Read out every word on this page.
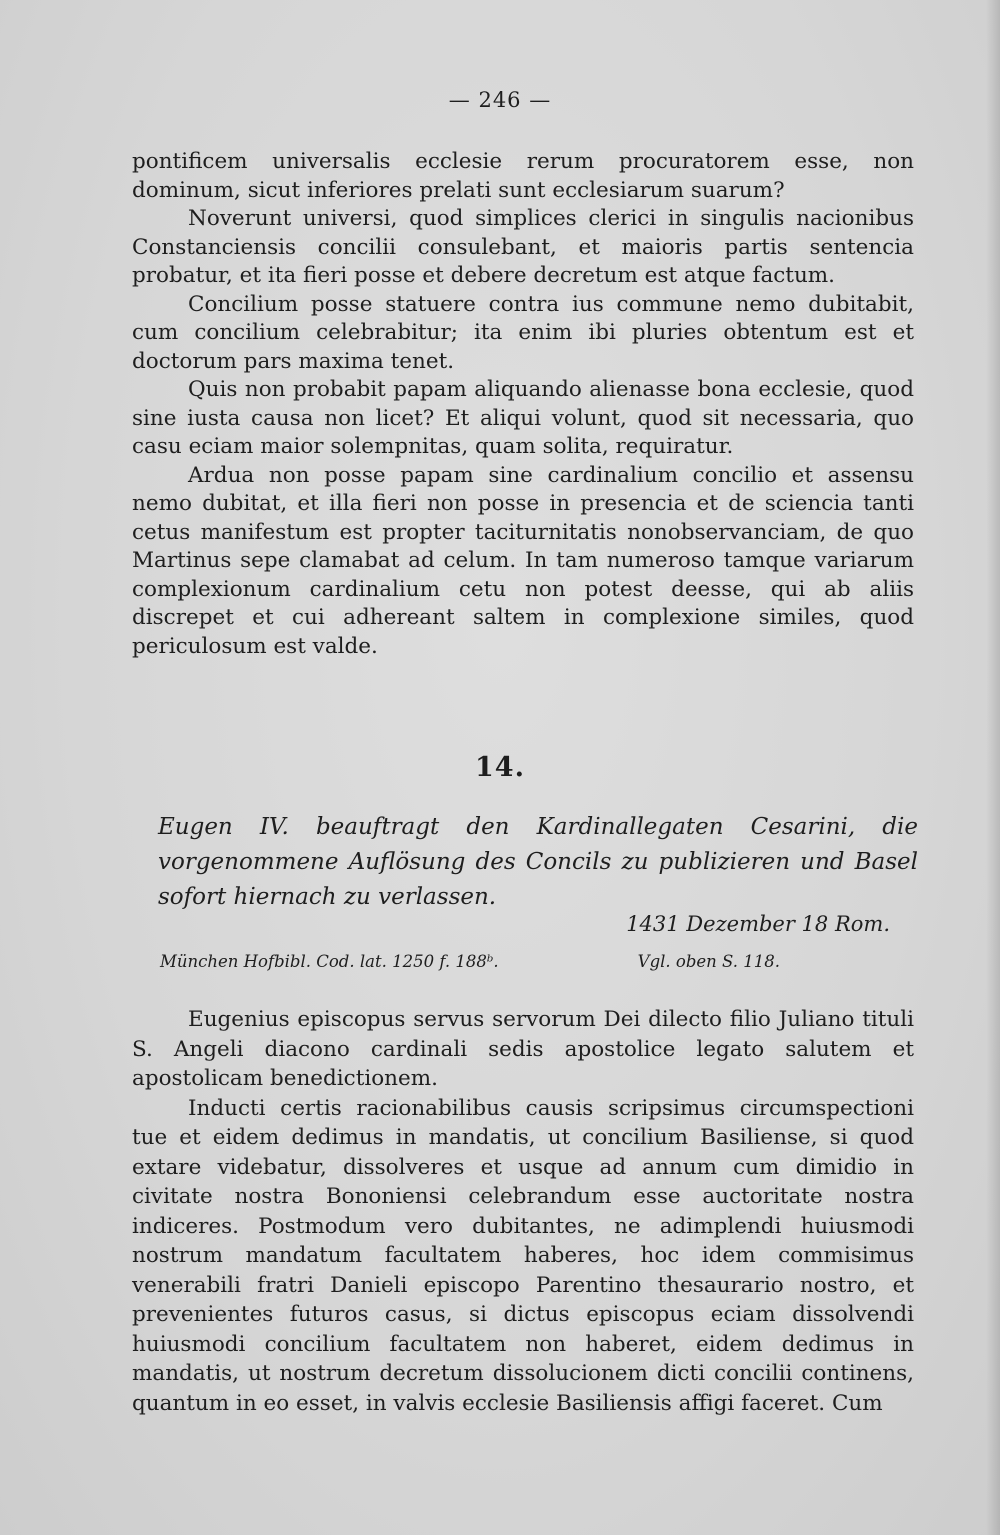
— 246 —

pontificem universalis ecclesie rerum procuratorem esse, non dominum, sicut inferiores prelati sunt ecclesiarum suarum?

Noverunt universi, quod simplices clerici in singulis nacionibus Constanciensis concilii consulebant, et maioris partis sentencia probatur, et ita fieri posse et debere decretum est atque factum.

Concilium posse statuere contra ius commune nemo dubitabit, cum concilium celebrabitur; ita enim ibi pluries obtentum est et doctorum pars maxima tenet.

Quis non probabit papam aliquando alienasse bona ecclesie, quod sine iusta causa non licet? Et aliqui volunt, quod sit necessaria, quo casu eciam maior solempnitas, quam solita, requiratur.

Ardua non posse papam sine cardinalium concilio et assensu nemo dubitat, et illa fieri non posse in presencia et de sciencia tanti cetus manifestum est propter taciturnitatis nonobservanciam, de quo Martinus sepe clamabat ad celum. In tam numeroso tamque variarum complexionum cardinalium cetu non potest deesse, qui ab aliis discrepet et cui adhereant saltem in complexione similes, quod periculosum est valde.

14.
Eugen IV. beauftragt den Kardinallegaten Cesarini, die vorgenommene Auflösung des Concils zu publizieren und Basel sofort hiernach zu verlassen.
1431 Dezember 18 Rom.
München Hofbibl. Cod. lat. 1250 f. 188ᵇ.	Vgl. oben S. 118.

Eugenius episcopus servus servorum Dei dilecto filio Juliano tituli S. Angeli diacono cardinali sedis apostolice legato salutem et apostolicam benedictionem.

Inducti certis racionabilibus causis scripsimus circumspectioni tue et eidem dedimus in mandatis, ut concilium Basiliense, si quod extare videbatur, dissolveres et usque ad annum cum dimidio in civitate nostra Bononiensi celebrandum esse auctoritate nostra indiceres. Postmodum vero dubitantes, ne adimplendi huiusmodi nostrum mandatum facultatem haberes, hoc idem commisimus venerabili fratri Danieli episcopo Parentino thesaurario nostro, et prevenientes futuros casus, si dictus episcopus eciam dissolvendi huiusmodi concilium facultatem non haberet, eidem dedimus in mandatis, ut nostrum decretum dissolucionem dicti concilii continens, quantum in eo esset, in valvis ecclesie Basiliensis affigi faceret. Cum
